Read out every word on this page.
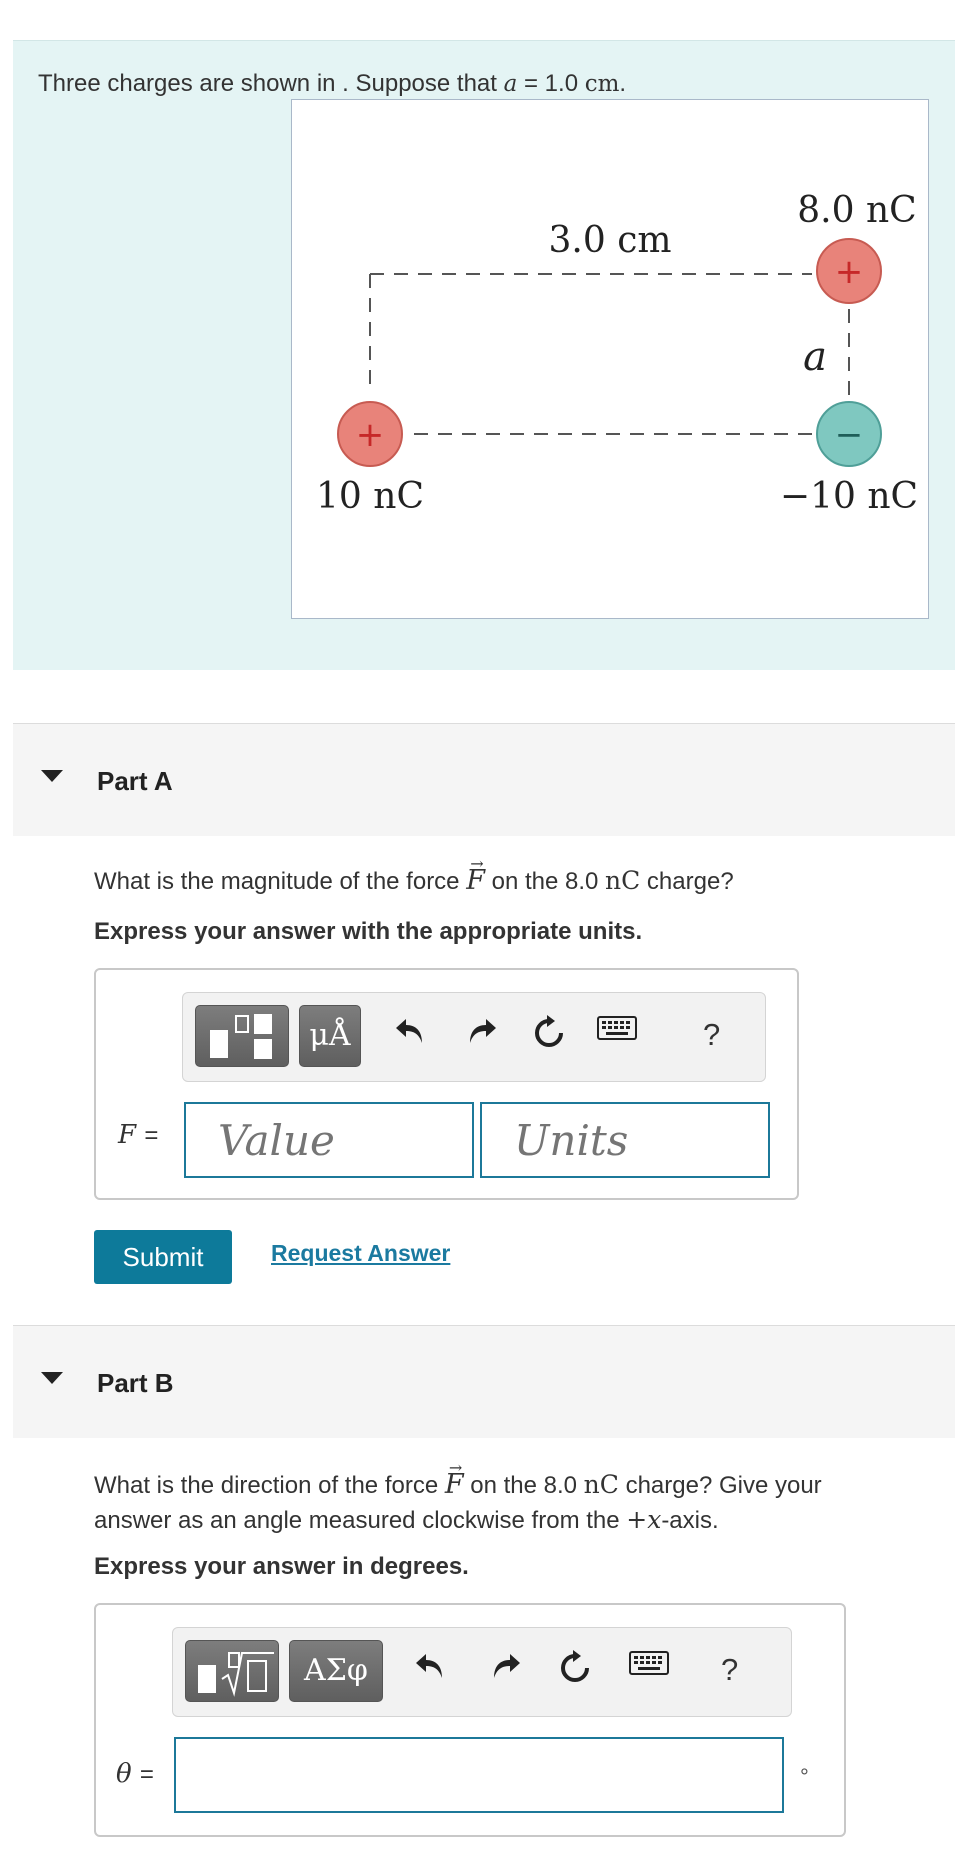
Three charges are shown in . Suppose that a = 1.0 cm.
+
+	−
8.0 nC
3.0 cm
a
10 nC	−10 nC
Part A
What is the magnitude of the force → F on the 8.0 nC charge?
Express your answer with the appropriate units.
μÅ	?
F =
Value
Units
Submit	Request Answer
Part B
What is the direction of the force → F on the 8.0 nC charge? Give your
answer as an angle measured clockwise from the +x-axis.
Express your answer in degrees.
ΑΣφ	?
θ =	°
